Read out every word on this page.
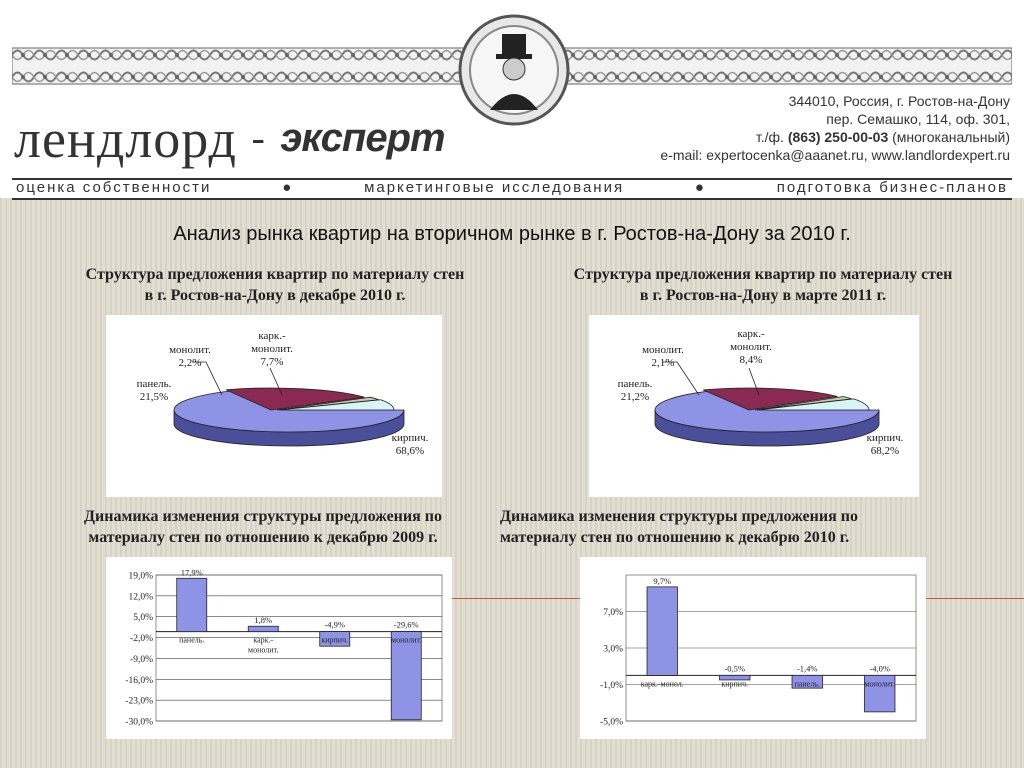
лендлорд - эксперт
344010, Россия, г. Ростов-на-Дону
пер. Семашко, 114, оф. 301,
т./ф. (863) 250-00-03 (многоканальный)
e-mail: expertocenka@aaanet.ru, www.landlordexpert.ru
оценка собственности	●	маркетинговые исследования	●	подготовка бизнес-планов
Анализ рынка квартир на вторичном рынке в г. Ростов-на-Дону за 2010 г.
Структура предложения квартир по материалу стен
в г. Ростов-на-Дону в декабре 2010 г.
Структура предложения квартир по материалу стен
в г. Ростов-на-Дону в марте 2011 г.
кирпич.
68,6%
панель.
21,5%
монолит.
2,2%
карк.-
монолит.
7,7%
кирпич.
68,2%
панель.
21,2%
монолит.
2,1%
карк.-
монолит.
8,4%
Динамика изменения структуры предложения по
материалу стен по отношению к декабрю 2009 г.
Динамика изменения структуры предложения по
материалу стен по отношению к декабрю 2010 г.
19,0%
12,0%
5,0%
-2,0%
-9,0%
-16,0%
-23,0%
-30,0%
17,9%
панель.
1,8%
карк.-
монолит.
-4,9%
кирпич.
-29,6%
монолит.
7,0%
3,0%
-1,0%
-5,0%
9,7%
карк.-монол.
-0,5%
кирпич.
-1,4%
панель.
-4,0%
монолит.
